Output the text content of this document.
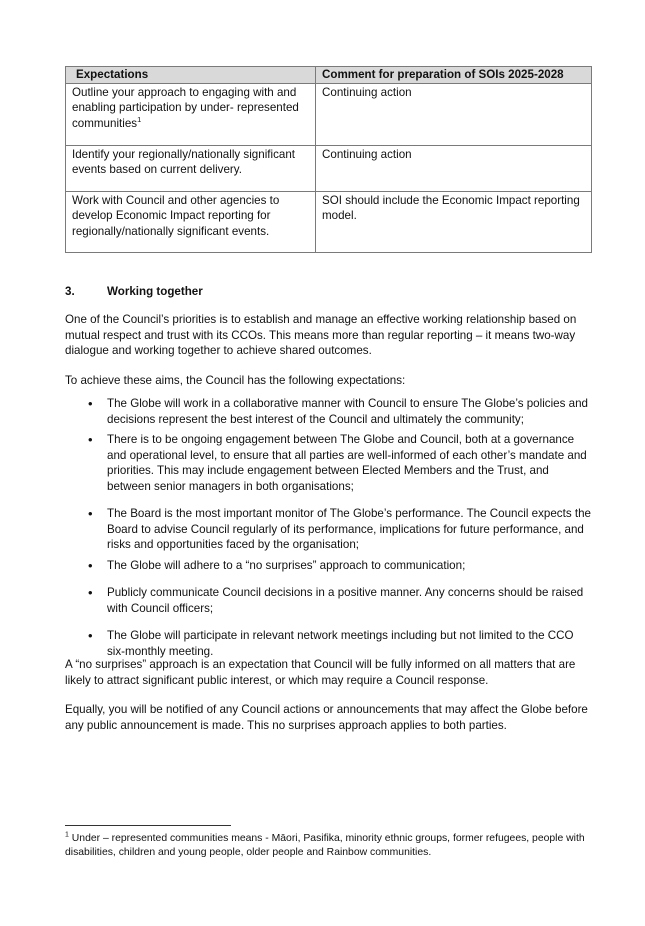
Expectations	Comment for preparation of SOIs 2025-2028
Outline your approach to engaging with and enabling participation by under- represented communities$^1$	Continuing action
Identify your regionally/nationally significant events based on current delivery.	Continuing action
Work with Council and other agencies to develop Economic Impact reporting for regionally/nationally significant events.	SOI should include the Economic Impact reporting model.
3.	Working together

One of the Council’s priorities is to establish and manage an effective working relationship based on mutual respect and trust with its CCOs. This means more than regular reporting – it means two-way dialogue and working together to achieve shared outcomes.

To achieve these aims, the Council has the following expectations:

• The Globe will work in a collaborative manner with Council to ensure The Globe’s policies and decisions represent the best interest of the Council and ultimately the community;
• There is to be ongoing engagement between The Globe and Council, both at a governance and operational level, to ensure that all parties are well-informed of each other’s mandate and priorities. This may include engagement between Elected Members and the Trust, and between senior managers in both organisations;
• The Board is the most important monitor of The Globe’s performance. The Council expects the Board to advise Council regularly of its performance, implications for future performance, and risks and opportunities faced by the organisation;
• The Globe will adhere to a “no surprises” approach to communication;
• Publicly communicate Council decisions in a positive manner. Any concerns should be raised with Council officers;
• The Globe will participate in relevant network meetings including but not limited to the CCO six-monthly meeting.

A “no surprises” approach is an expectation that Council will be fully informed on all matters that are likely to attract significant public interest, or which may require a Council response.

Equally, you will be notified of any Council actions or announcements that may affect the Globe before any public announcement is made. This no surprises approach applies to both parties.

$^1$ Under – represented communities means - Māori, Pasifika, minority ethnic groups, former refugees, people with disabilities, children and young people, older people and Rainbow communities.
